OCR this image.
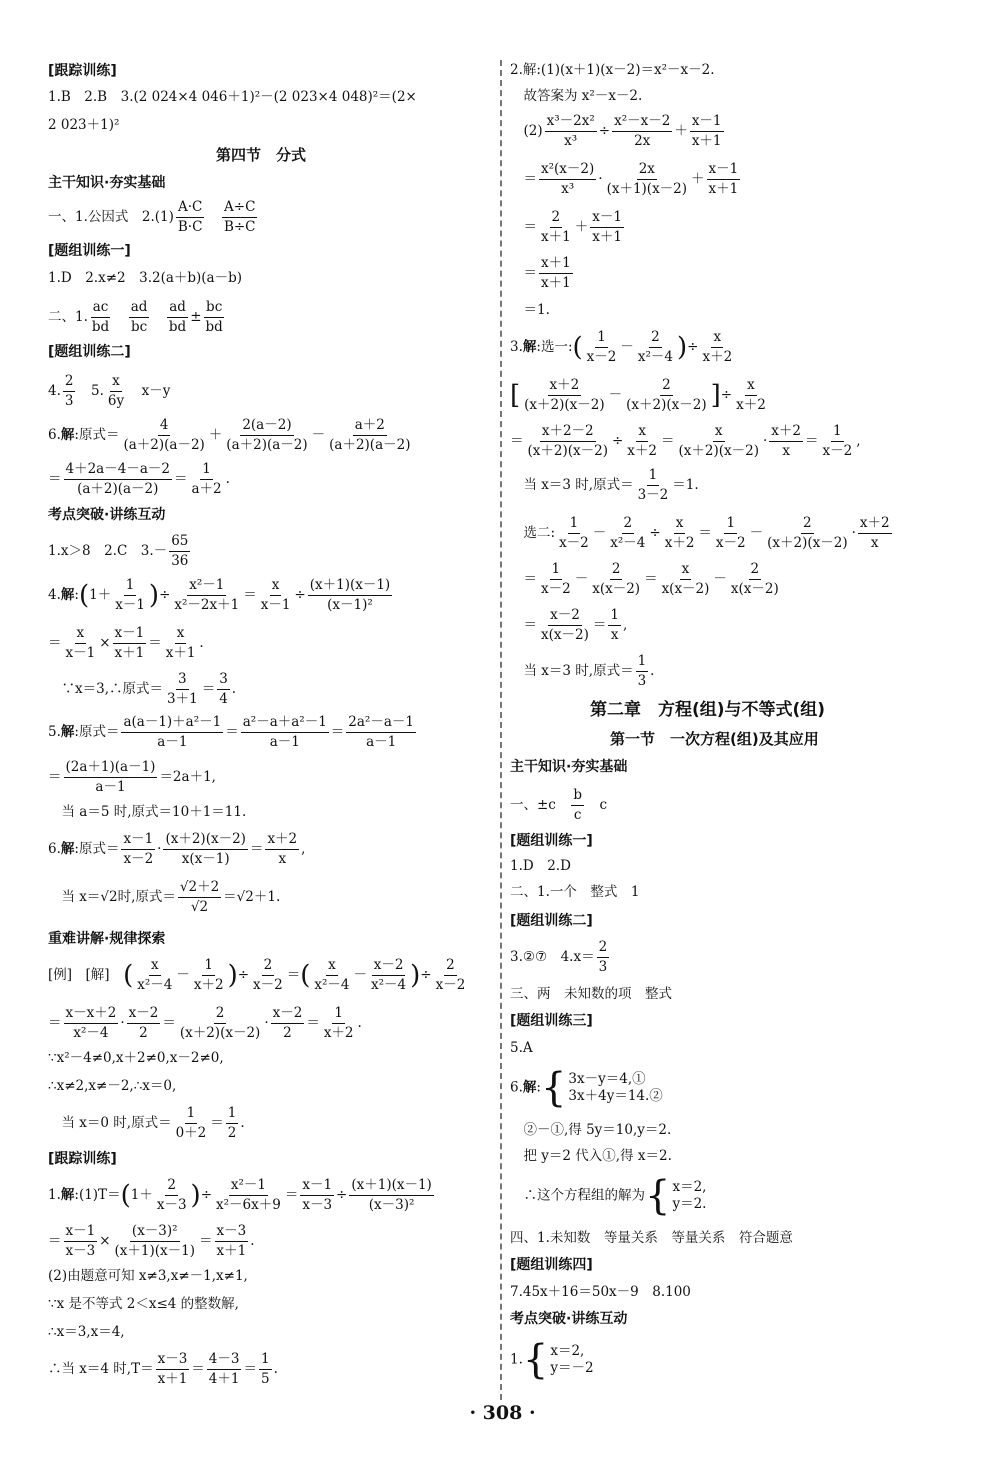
[跟踪训练]
1.B　2.B　3.(2 024×4 046＋1)²－(2 023×4 048)²＝(2×
2 023＋1)²
第四节　分式
主干知识·夯实基础
一、1.公因式　$2.(1) \frac{A\cdot C}{B\cdot C}$
　 $\frac{A\div C}{B\div C}$
[题组训练一]
1.D　2.x≠2　3.2(a＋b)(a－b)
二、1. $\frac{ac}{bd}$
　 $\frac{ad}{bc}$
　 $\frac{ad}{bd} \pm \frac{bc}{bd}$
[题组训练二]
4. $\frac{2}{3}$ 　5. $\frac{x}{6y}$ 　x－y
6.解:原式＝ $\frac{4}{(a+2)(a-2)} + \frac{2(a-2)}{(a+2)(a-2)} - \frac{a+2}{(a+2)(a-2)}$
＝ $\frac{4+2a-4-a-2}{(a+2)(a-2)} = \frac{1}{a+2}$ .
考点突破·讲练互动
1.x＞8　2.C　$3.- \frac{65}{36}$
4.解:(1＋ $\frac{1}{x-1}$ )÷ $\frac{\text{x²－1}}{\text{x²－2x＋1}} = \frac{x}{x-1} \div \frac{(x+1)(x-1)}{\text{(x－1)²}}$
＝ $\frac{x}{x-1} \times \frac{x-1}{x+1} = \frac{x}{x+1}$ .
　∵x＝3,∴原式＝ $\frac{3}{3+1} = \frac{3}{4}$ .
5.解:原式＝ $\frac{\text{a(a－1)＋a²－1}}{a-1} = \frac{\text{a²－a＋a²－1}}{a-1} = \frac{\text{2a²－a－1}}{a-1}$
＝ $\frac{(2a+1)(a-1)}{a-1} =2a+1$,
　当 a＝5 时,原式＝10＋1＝11.
6.解:原式＝ $\frac{x-1}{x-2} \cdot \frac{(x+2)(x-2)}{x(x-1)} = \frac{x+2}{x}$ ,
　当 x＝√2时,原式＝ $\frac{√2+2}{√2} =√2+1$.
重难讲解·规律探索
[例]　[解]　( $\frac{x}{\text{x²－4}} - \frac{1}{x+2}$ )÷ $\frac{2}{x-2}$ ＝( $\frac{x}{\text{x²－4}} - \frac{x-2}{\text{x²－4}}$ )÷ $\frac{2}{x-2}$
＝ $\frac{x-x+2}{\text{x²－4}} \cdot \frac{x-2}{2} = \frac{2}{(x+2)(x-2)} \cdot \frac{x-2}{2} = \frac{1}{x+2}$ .
∵x²－4≠0,x＋2≠0,x－2≠0,
∴x≠2,x≠－2,∴x＝0,
　当 x＝0 时,原式＝ $\frac{1}{0+2} = \frac{1}{2}$ .
[跟踪训练]
1.解:(1)T＝(1＋ $\frac{2}{x-3}$ )÷ $\frac{\text{x²－1}}{\text{x²－6x＋9}} = \frac{x-1}{x-3} \div \frac{(x+1)(x-1)}{\text{(x－3)²}}$
＝ $\frac{x-1}{x-3} \times \frac{\text{(x－3)²}}{(x+1)(x-1)} = \frac{x-3}{x+1}$ .
(2)由题意可知 x≠3,x≠－1,x≠1,
∵x 是不等式 2＜x≤4 的整数解,
∴x＝3,x＝4,
∴当 x＝4 时$,T= \frac{x-3}{x+1} = \frac{4-3}{4+1} = \frac{1}{5}$ .
2.解:(1)(x＋1)(x－2)＝x²－x－2.
　故答案为 x²－x－2.
　$(2) \frac{\text{x³－2x²}}{\text{x³}} \div \frac{\text{x²－x－2}}{2x} + \frac{x-1}{x+1}$
　＝ $\frac{\text{x²(x－2)}}{\text{x³}} \cdot \frac{2x}{(x+1)(x-2)} + \frac{x-1}{x+1}$
　＝ $\frac{2}{x+1} + \frac{x-1}{x+1}$
　＝ $\frac{x+1}{x+1}$
　＝1.
3.解:选一:( $\frac{1}{x-2} - \frac{2}{\text{x²－4}}$ )÷ $\frac{x}{x+2}$
[ $\frac{x+2}{(x+2)(x-2)} - \frac{2}{(x+2)(x-2)}$ ]÷ $\frac{x}{x+2}$
＝ $\frac{x+2-2}{(x+2)(x-2)} \div \frac{x}{x+2} = \frac{x}{(x+2)(x-2)} \cdot \frac{x+2}{x} = \frac{1}{x-2}$ ,
　当 x＝3 时,原式＝ $\frac{1}{3-2} =1$.
　选二: $\frac{1}{x-2} - \frac{2}{\text{x²－4}} \div \frac{x}{x+2} = \frac{1}{x-2} - \frac{2}{(x+2)(x-2)} \cdot \frac{x+2}{x}$
　＝ $\frac{1}{x-2} - \frac{2}{x(x-2)} = \frac{x}{x(x-2)} - \frac{2}{x(x-2)}$
　＝ $\frac{x-2}{x(x-2)} = \frac{1}{x}$ ,
　当 x＝3 时,原式＝ $\frac{1}{3}$ .
第二章　方程(组)与不等式(组)
第一节　一次方程(组)及其应用
主干知识·夯实基础
一、±c　 $\frac{b}{c}$ 　c
[题组训练一]
1.D　2.D
二、1.一个　整式　1
[题组训练二]
3.②⑦　$4.x= \frac{2}{3}$
三、两　未知数的项　整式
[题组训练三]
5.A
6.解: { 3x－y＝4,①
3x＋4y＝14.②
　②－①,得 5y＝10,y＝2.
　把 y＝2 代入①,得 x＝2.
　∴这个方程组的解为 { x＝2,
y＝2.
四、1.未知数　等量关系　等量关系　符合题意
[题组训练四]
7.45x＋16＝50x－9　8.100
考点突破·讲练互动
1. { x＝2,
y＝－2
· 308 ·
